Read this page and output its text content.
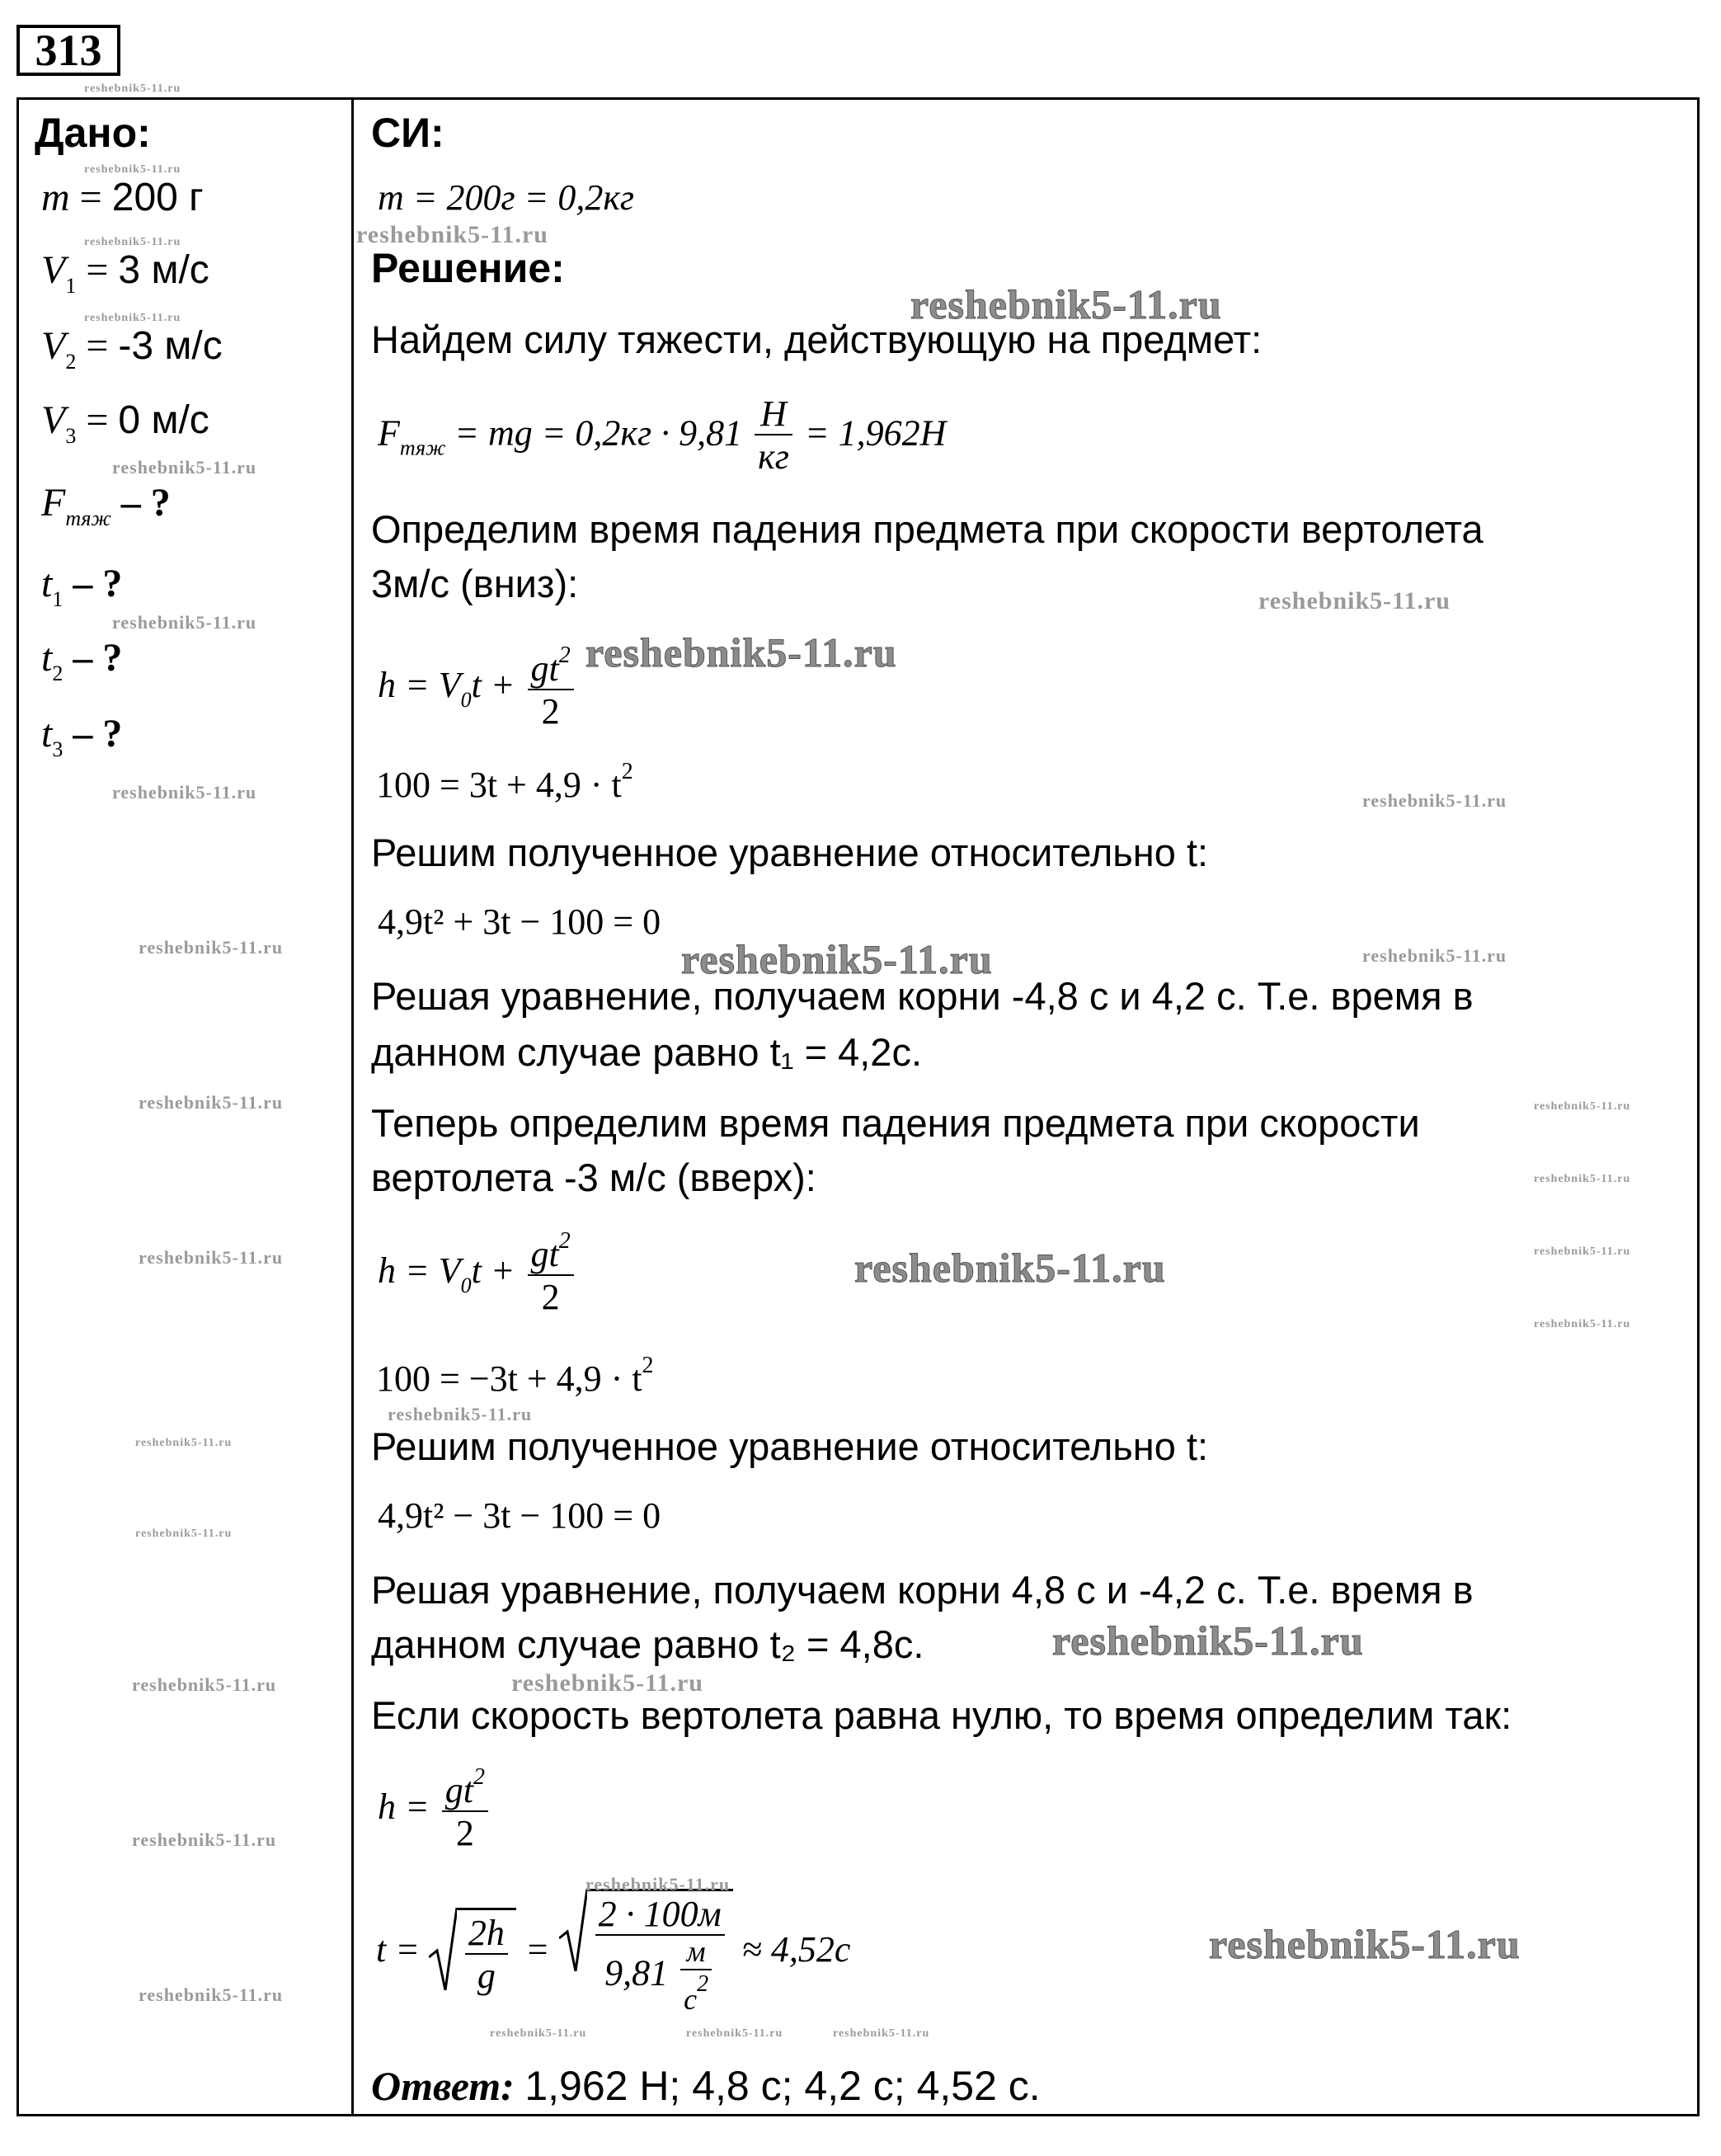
313
Дано:
m = 200 г
$V_1 = 3$ м/с
$V_2 = -3$ м/с
$V_3 = 0$ м/с
$F_{тяж}$ – ?
$t_1$ – ?
$t_2$ – ?
$t_3$ – ?
СИ:
m = 200г = 0,2кг
Решение:
Найдем силу тяжести, действующую на предмет:
$F_{тяж}$ = mg = $0,2кг \cdot 9,81 \frac{Н}{кг} = 1,962Н$
Определим время падения предмета при скорости вертолета
3м/с (вниз):
$h = V_0t + \frac{gt^2}{2}$
$100 = 3t + 4,9 \cdot t^2$
Решим полученное уравнение относительно t:
4,9t² + 3t − 100 = 0
Решая уравнение, получаем корни -4,8 с и 4,2 с. Т.е. время в
данном случае равно t₁ = 4,2с.
Теперь определим время падения предмета при скорости
вертолета -3 м/с (вверх):
$h = V_0t + \frac{gt^2}{2}$
$100 = -3t + 4,9 \cdot t^2$
Решим полученное уравнение относительно t:
4,9t² − 3t − 100 = 0
Решая уравнение, получаем корни 4,8 с и -4,2 с. Т.е. время в
данном случае равно t₂ = 4,8с.
Если скорость вертолета равна нулю, то время определим так:
$h = \frac{gt^2}{2}$
$t = \frac{2h}{g} = \frac{2 \cdot 100м}{9,81 \frac{м}{c^2}} \approx 4,52с$
Ответ: 1,962 Н; 4,8 с; 4,2 с; 4,52 с.
reshebnik5-11.ru
reshebnik5-11.ru
reshebnik5-11.ru
reshebnik5-11.ru
reshebnik5-11.ru
reshebnik5-11.ru
reshebnik5-11.ru
reshebnik5-11.ru
reshebnik5-11.ru
reshebnik5-11.ru
reshebnik5-11.ru
reshebnik5-11.ru
reshebnik5-11.ru
reshebnik5-11.ru
reshebnik5-11.ru
reshebnik5-11.ru
reshebnik5-11.ru
reshebnik5-11.ru
reshebnik5-11.ru
reshebnik5-11.ru
reshebnik5-11.ru	reshebnik5-11.ru
reshebnik5-11.ru
reshebnik5-11.ru
reshebnik5-11.ru	reshebnik5-11.ru
reshebnik5-11.ru
reshebnik5-11.ru
reshebnik5-11.ru
reshebnik5-11.ru
reshebnik5-11.ru
reshebnik5-11.ru
reshebnik5-11.ru	reshebnik5-11.ru	reshebnik5-11.ru
